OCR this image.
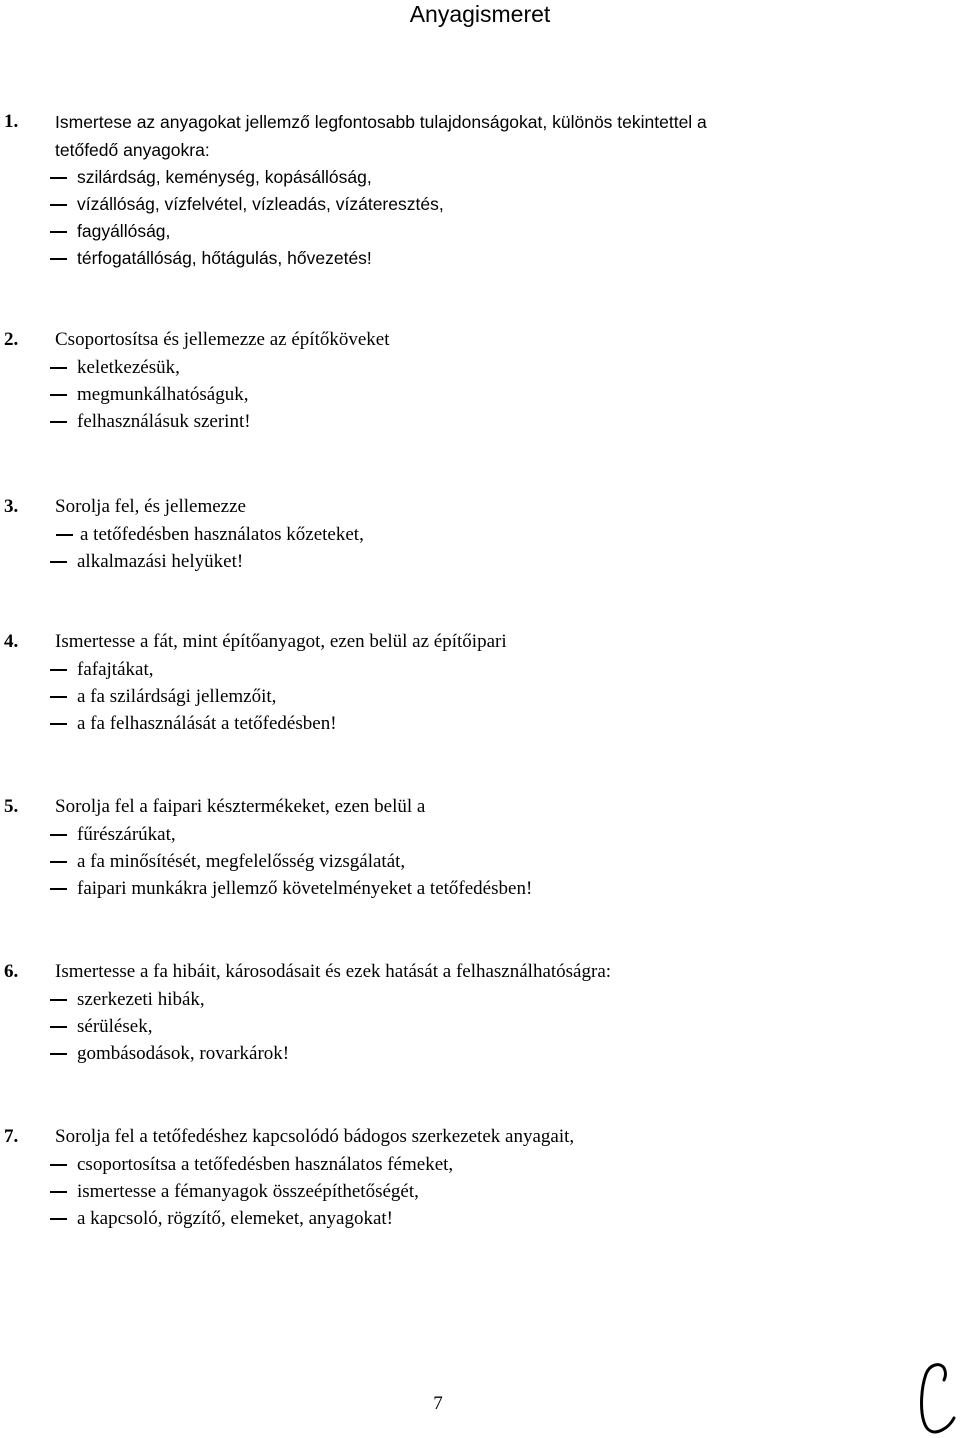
Anyagismeret
1. Ismertese az anyagokat jellemző legfontosabb tulajdonságokat, különös tekintettel a
tetőfedő anyagokra:
szilárdság, keménység, kopásállóság,
vízállóság, vízfelvétel, vízleadás, vízáteresztés,
fagyállóság,
térfogatállóság, hőtágulás, hővezetés!
2. Csoportosítsa és jellemezze az építőköveket
keletkezésük,
megmunkálhatóságuk,
felhasználásuk szerint!
3. Sorolja fel, és jellemezze
a tetőfedésben használatos kőzeteket,
alkalmazási helyüket!
4. Ismertesse a fát, mint építőanyagot, ezen belül az építőipari
fafajtákat,
a fa szilárdsági jellemzőit,
a fa felhasználását a tetőfedésben!
5. Sorolja fel a faipari késztermékeket, ezen belül a
fűrészárúkat,
a fa minősítését, megfelelősség vizsgálatát,
faipari munkákra jellemző követelményeket a tetőfedésben!
6. Ismertesse a fa hibáit, károsodásait és ezek hatását a felhasználhatóságra:
szerkezeti hibák,
sérülések,
gombásodások, rovarkárok!
7. Sorolja fel a tetőfedéshez kapcsolódó bádogos szerkezetek anyagait,
csoportosítsa a tetőfedésben használatos fémeket,
ismertesse a fémanyagok összeépíthetőségét,
a kapcsoló, rögzítő, elemeket, anyagokat!
7
